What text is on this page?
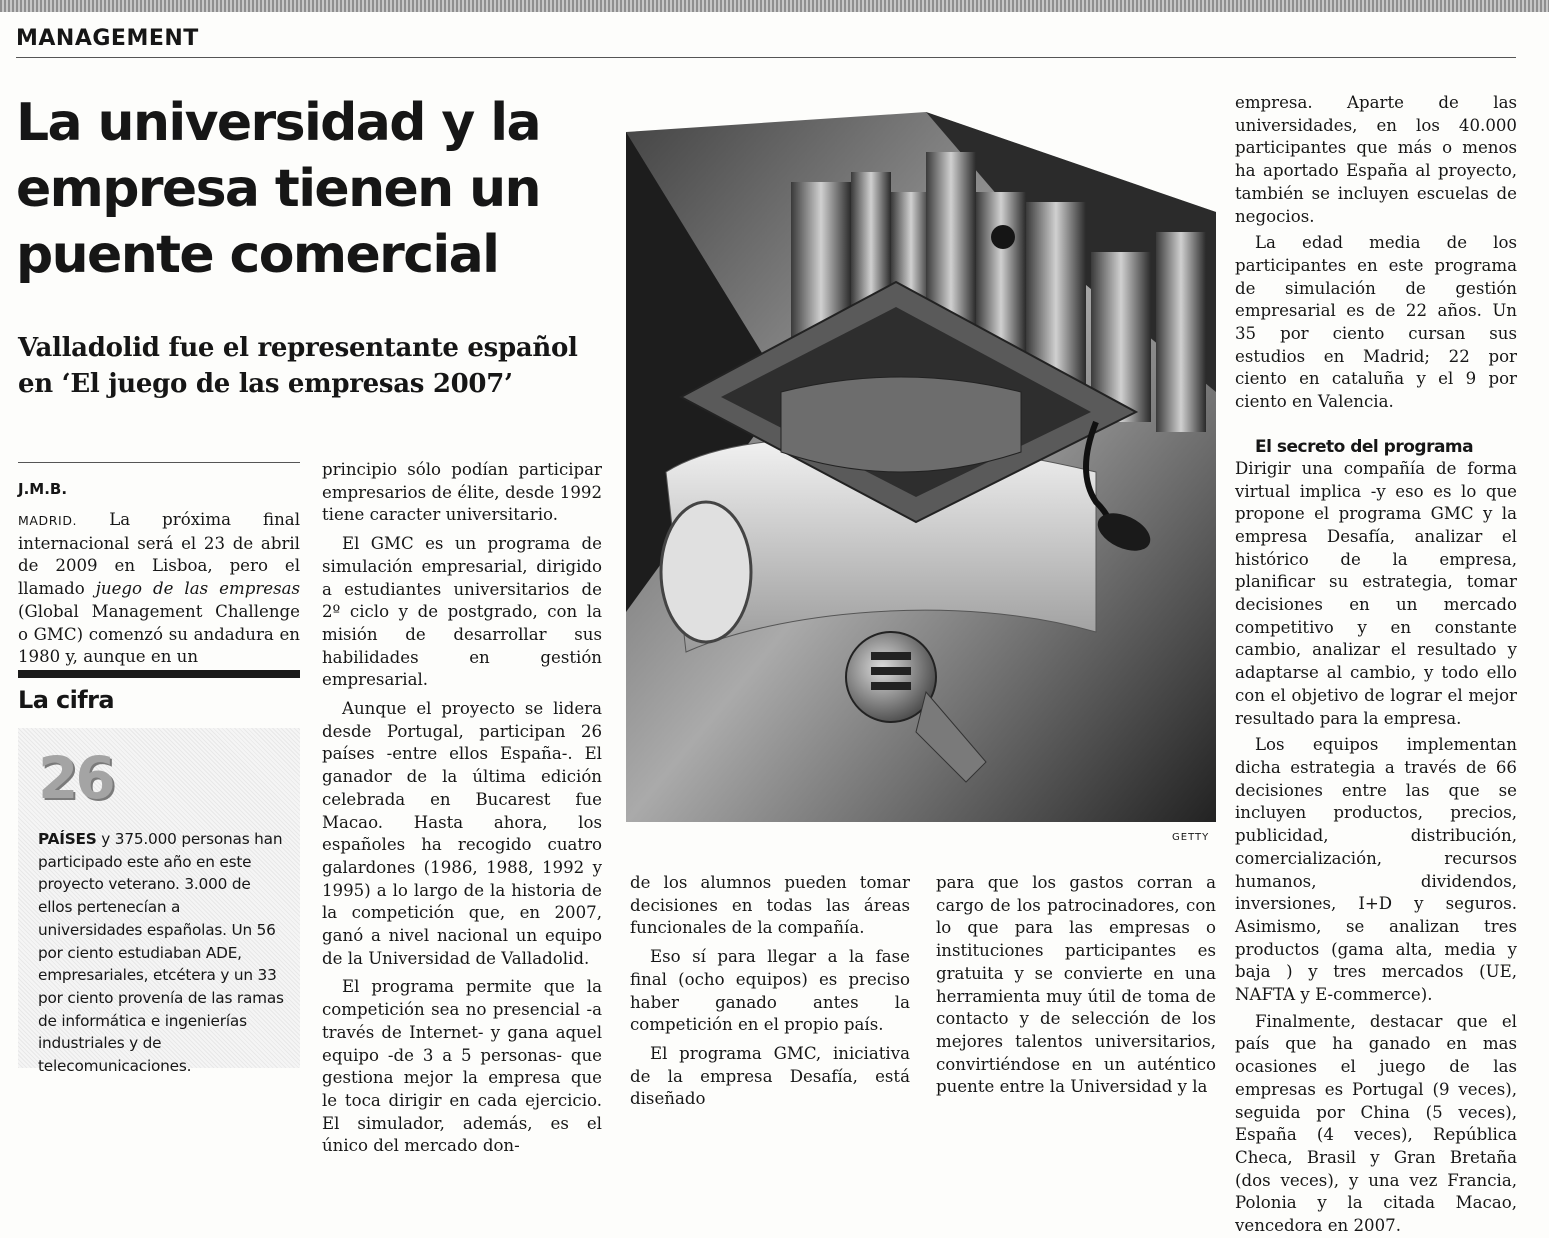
MANAGEMENT
La universidad y la empresa tienen un puente comercial
Valladolid fue el representante español en ‘El juego de las empresas 2007’

J.M.B.

MADRID. La próxima final internacional será el 23 de abril de 2009 en Lisboa, pero el llamado juego de las empresas (Global Management Challenge o GMC) comenzó su andadura en 1980 y, aunque en un

La cifra

26

PAÍSES y 375.000 personas han participado este año en este proyecto veterano. 3.000 de ellos pertenecían a universidades españolas. Un 56 por ciento estudiaban ADE, empresariales, etcétera y un 33 por ciento provenía de las ramas de informática e ingenierías industriales y de telecomunicaciones.

principio sólo podían participar empresarios de élite, desde 1992 tiene caracter universitario.

El GMC es un programa de simulación empresarial, dirigido a estudiantes universitarios de 2º ciclo y de postgrado, con la misión de desarrollar sus habilidades en gestión empresarial.

Aunque el proyecto se lidera desde Portugal, participan 26 países -entre ellos España-. El ganador de la última edición celebrada en Bucarest fue Macao. Hasta ahora, los españoles ha recogido cuatro galardones (1986, 1988, 1992 y 1995) a lo largo de la historia de la competición que, en 2007, ganó a nivel nacional un equipo de la Universidad de Valladolid.

El programa permite que la competición sea no presencial -a través de Internet- y gana aquel equipo -de 3 a 5 personas- que gestiona mejor la empresa que le toca dirigir en cada ejercicio. El simulador, además, es el único del mercado don-

GETTY

de los alumnos pueden tomar decisiones en todas las áreas funcionales de la compañía.

Eso sí para llegar a la fase final (ocho equipos) es preciso haber ganado antes la competición en el propio país.

El programa GMC, iniciativa de la empresa Desafía, está diseñado

para que los gastos corran a cargo de los patrocinadores, con lo que para las empresas o instituciones participantes es gratuita y se convierte en una herramienta muy útil de toma de contacto y de selección de los mejores talentos universitarios, convirtiéndose en un auténtico puente entre la Universidad y la

empresa. Aparte de las universidades, en los 40.000 participantes que más o menos ha aportado España al proyecto, también se incluyen escuelas de negocios.

La edad media de los participantes en este programa de simulación de gestión empresarial es de 22 años. Un 35 por ciento cursan sus estudios en Madrid; 22 por ciento en cataluña y el 9 por ciento en Valencia.

El secreto del programa

Dirigir una compañía de forma virtual implica -y eso es lo que propone el programa GMC y la empresa Desafía, analizar el histórico de la empresa, planificar su estrategia, tomar decisiones en un mercado competitivo y en constante cambio, analizar el resultado y adaptarse al cambio, y todo ello con el objetivo de lograr el mejor resultado para la empresa.

Los equipos implementan dicha estrategia a través de 66 decisiones entre las que se incluyen productos, precios, publicidad, distribución, comercialización, recursos humanos, dividendos, inversiones, I+D y seguros. Asimismo, se analizan tres productos (gama alta, media y baja ) y tres mercados (UE, NAFTA y E-commerce).

Finalmente, destacar que el país que ha ganado en mas ocasiones el juego de las empresas es Portugal (9 veces), seguida por China (5 veces), España (4 veces), República Checa, Brasil y Gran Bretaña (dos veces), y una vez Francia, Polonia y la citada Macao, vencedora en 2007.
